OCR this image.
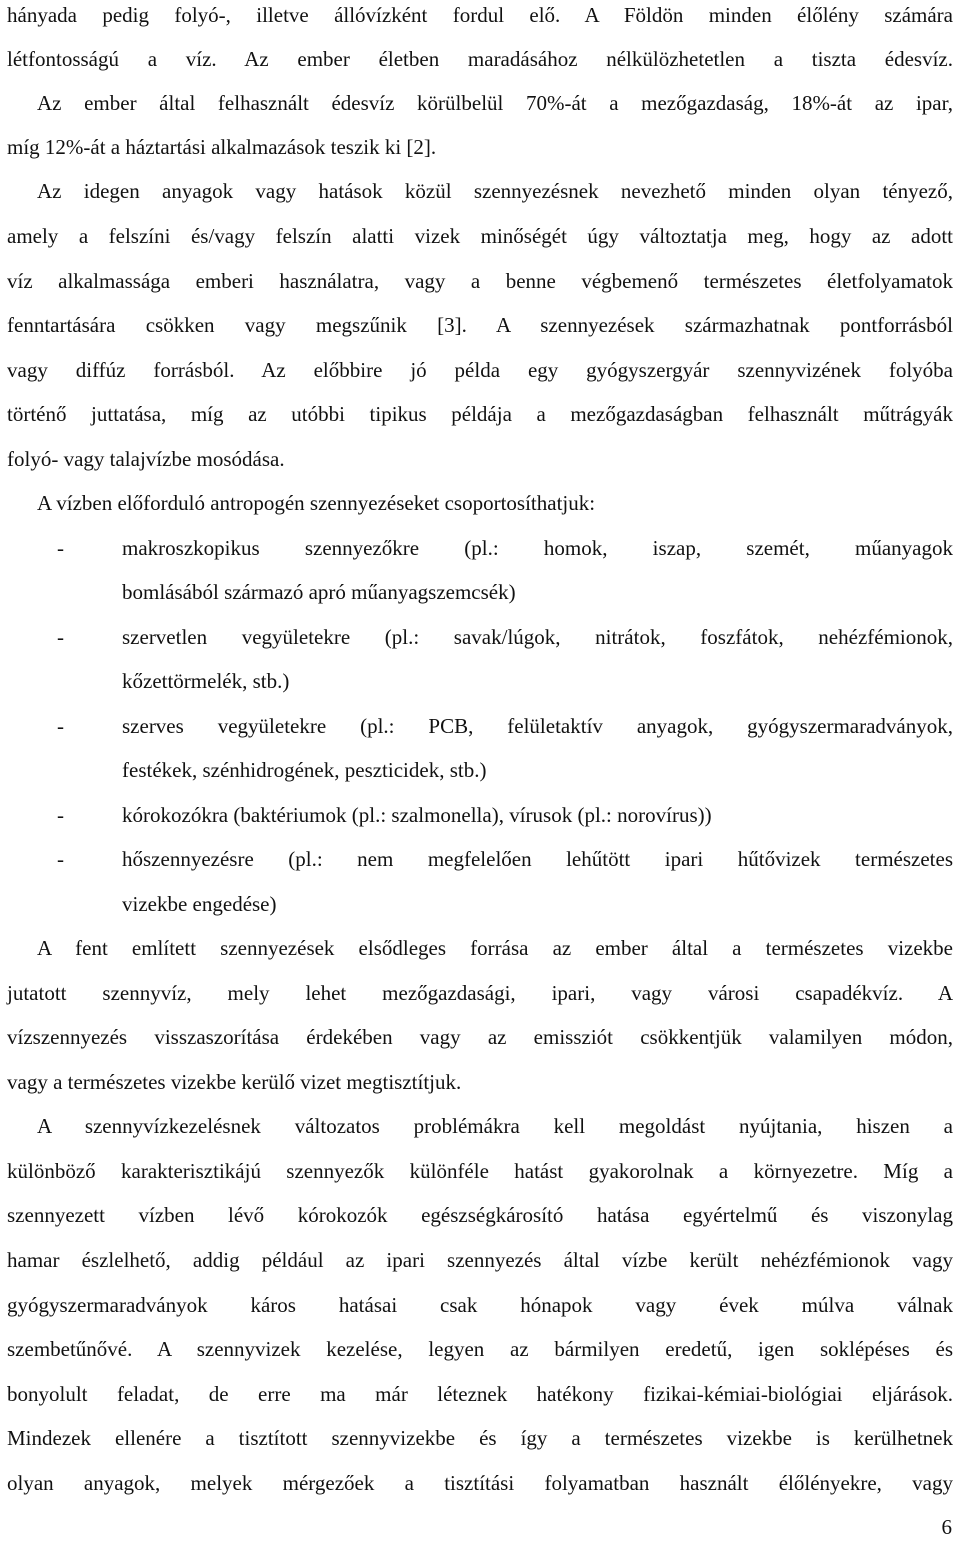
hányada pedig folyó-, illetve állóvízként fordul elő. A Földön minden élőlény számára
létfontosságú a víz. Az ember életben maradásához nélkülözhetetlen a tiszta édesvíz.
Az ember által felhasznált édesvíz körülbelül 70%-át a mezőgazdaság, 18%-át az ipar,
míg 12%-át a háztartási alkalmazások teszik ki [2].
Az idegen anyagok vagy hatások közül szennyezésnek nevezhető minden olyan tényező,
amely a felszíni és/vagy felszín alatti vizek minőségét úgy változtatja meg, hogy az adott
víz alkalmassága emberi használatra, vagy a benne végbemenő természetes életfolyamatok
fenntartására csökken vagy megszűnik [3]. A szennyezések származhatnak pontforrásból
vagy diffúz forrásból. Az előbbire jó példa egy gyógyszergyár szennyvizének folyóba
történő juttatása, míg az utóbbi tipikus példája a mezőgazdaságban felhasznált műtrágyák
folyó- vagy talajvízbe mosódása.
A vízben előforduló antropogén szennyezéseket csoportosíthatjuk:
-	makroszkopikus szennyezőkre (pl.: homok, iszap, szemét, műanyagok
bomlásából származó apró műanyagszemcsék)
-	szervetlen vegyületekre (pl.: savak/lúgok, nitrátok, foszfátok, nehézfémionok,
kőzettörmelék, stb.)
-	szerves vegyületekre (pl.: PCB, felületaktív anyagok, gyógyszermaradványok,
festékek, szénhidrogének, peszticidek, stb.)
-	kórokozókra (baktériumok (pl.: szalmonella), vírusok (pl.: norovírus))
-	hőszennyezésre (pl.: nem megfelelően lehűtött ipari hűtővizek természetes
vizekbe engedése)
A fent említett szennyezések elsődleges forrása az ember által a természetes vizekbe
jutatott szennyvíz, mely lehet mezőgazdasági, ipari, vagy városi csapadékvíz. A
vízszennyezés visszaszorítása érdekében vagy az emissziót csökkentjük valamilyen módon,
vagy a természetes vizekbe kerülő vizet megtisztítjuk.
A szennyvízkezelésnek változatos problémákra kell megoldást nyújtania, hiszen a
különböző karakterisztikájú szennyezők különféle hatást gyakorolnak a környezetre. Míg a
szennyezett vízben lévő kórokozók egészségkárosító hatása egyértelmű és viszonylag
hamar észlelhető, addig például az ipari szennyezés által vízbe került nehézfémionok vagy
gyógyszermaradványok káros hatásai csak hónapok vagy évek múlva válnak
szembetűnővé. A szennyvizek kezelése, legyen az bármilyen eredetű, igen soklépéses és
bonyolult feladat, de erre ma már léteznek hatékony fizikai-kémiai-biológiai eljárások.
Mindezek ellenére a tisztított szennyvizekbe és így a természetes vizekbe is kerülhetnek
olyan anyagok, melyek mérgezőek a tisztítási folyamatban használt élőlényekre, vagy
6
